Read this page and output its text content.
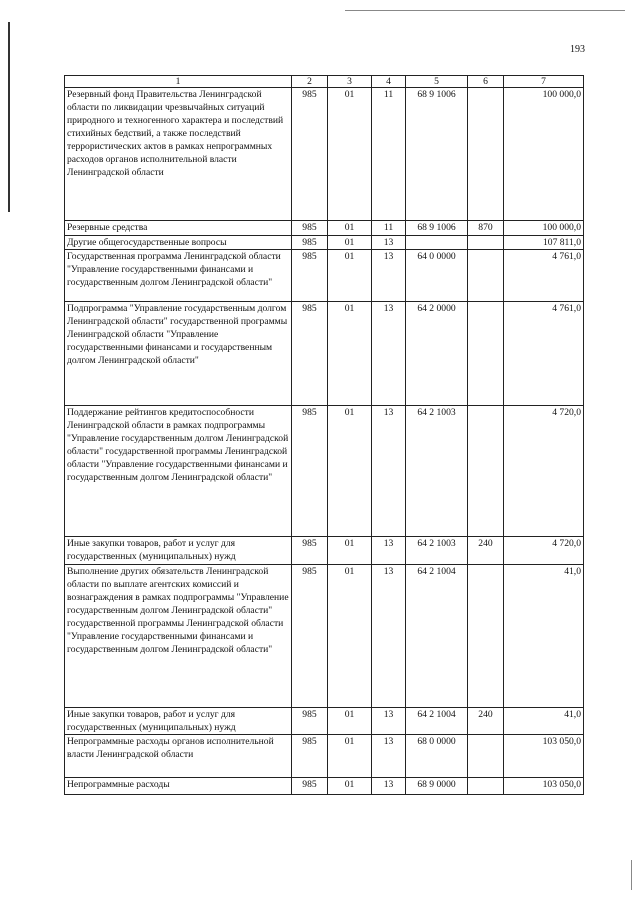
193
1	2	3	4	5	6	7
Резервный фонд Правительства Ленинградской области по ликвидации чрезвычайных ситуаций природного и техногенного характера и последствий стихийных бедствий, а также последствий террористических актов в рамках непрограммных расходов органов исполнительной власти Ленинградской области	985	01	11	68 9 1006		100 000,0
Резервные средства	985	01	11	68 9 1006	870	100 000,0
Другие общегосударственные вопросы	985	01	13			107 811,0
Государственная программа Ленинградской области "Управление государственными финансами и государственным долгом Ленинградской области"	985	01	13	64 0 0000		4 761,0
Подпрограмма "Управление государственным долгом Ленинградской области" государственной программы Ленинградской области "Управление государственными финансами и государственным долгом Ленинградской области"	985	01	13	64 2 0000		4 761,0
Поддержание рейтингов кредитоспособности Ленинградской области в рамках подпрограммы "Управление государственным долгом Ленинградской области" государственной программы Ленинградской области "Управление государственными финансами и государственным долгом Ленинградской области"	985	01	13	64 2 1003		4 720,0
Иные закупки товаров, работ и услуг для государственных (муниципальных) нужд	985	01	13	64 2 1003	240	4 720,0
Выполнение других обязательств Ленинградской области по выплате агентских комиссий и вознаграждения в рамках подпрограммы "Управление государственным долгом Ленинградской области" государственной программы Ленинградской области "Управление государственными финансами и государственным долгом Ленинградской области"	985	01	13	64 2 1004		41,0
Иные закупки товаров, работ и услуг для государственных (муниципальных) нужд	985	01	13	64 2 1004	240	41,0
Непрограммные расходы органов исполнительной власти Ленинградской области	985	01	13	68 0 0000		103 050,0
Непрограммные расходы	985	01	13	68 9 0000		103 050,0
